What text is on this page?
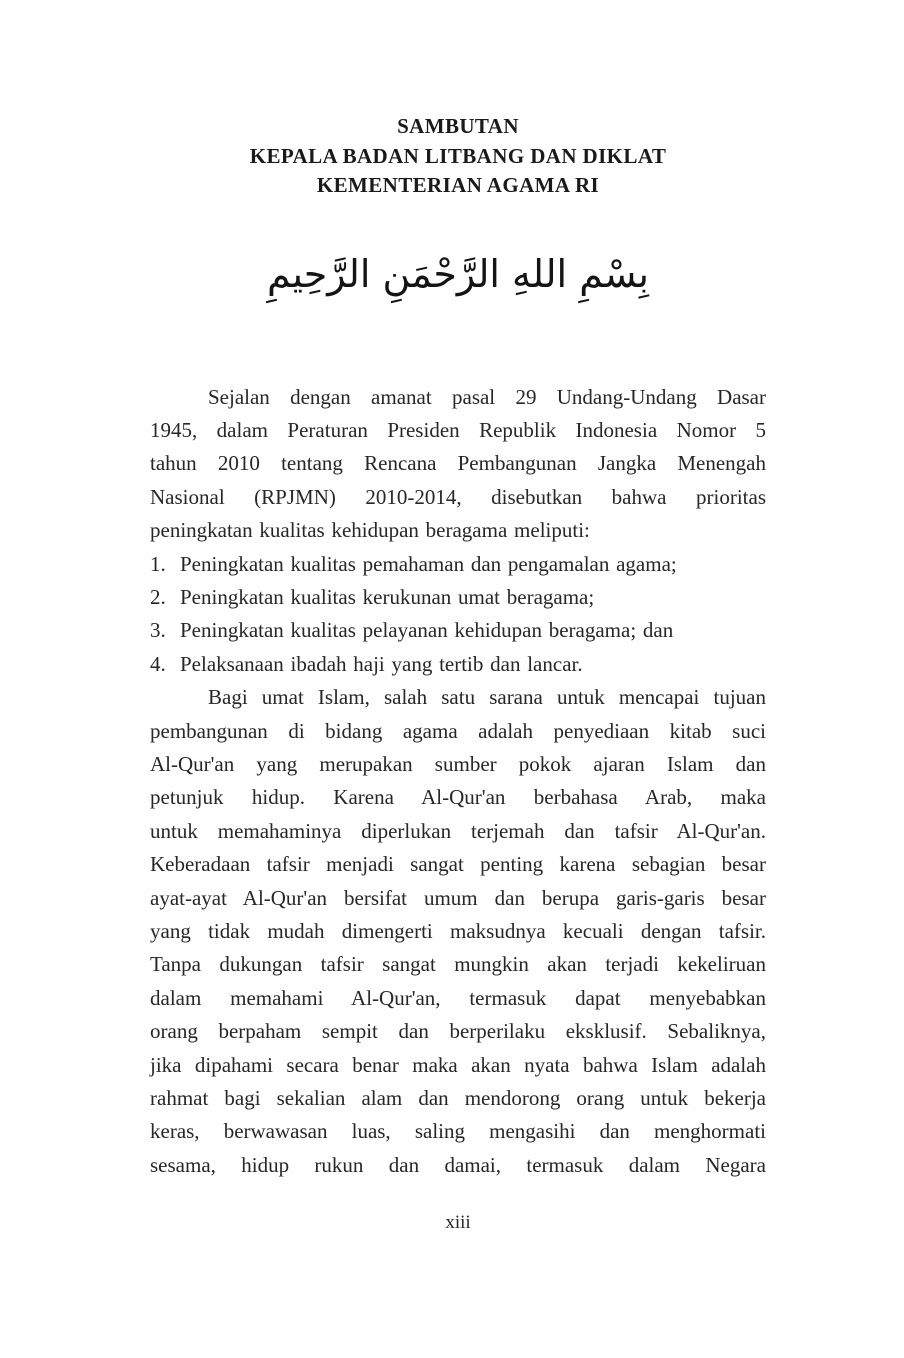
SAMBUTAN
KEPALA BADAN LITBANG DAN DIKLAT
KEMENTERIAN AGAMA RI
بِسْمِ اللهِ الرَّحْمَنِ الرَّحِيمِ
Sejalan dengan amanat pasal 29 Undang-Undang Dasar
1945, dalam Peraturan Presiden Republik Indonesia Nomor 5
tahun 2010 tentang Rencana Pembangunan Jangka Menengah
Nasional (RPJMN) 2010-2014, disebutkan bahwa prioritas
peningkatan kualitas kehidupan beragama meliputi:
1. Peningkatan kualitas pemahaman dan pengamalan agama;
2. Peningkatan kualitas kerukunan umat beragama;
3. Peningkatan kualitas pelayanan kehidupan beragama; dan
4. Pelaksanaan ibadah haji yang tertib dan lancar.
Bagi umat Islam, salah satu sarana untuk mencapai tujuan
pembangunan di bidang agama adalah penyediaan kitab suci
Al-Qur'an yang merupakan sumber pokok ajaran Islam dan
petunjuk hidup. Karena Al-Qur'an berbahasa Arab, maka
untuk memahaminya diperlukan terjemah dan tafsir Al-Qur'an.
Keberadaan tafsir menjadi sangat penting karena sebagian besar
ayat-ayat Al-Qur'an bersifat umum dan berupa garis-garis besar
yang tidak mudah dimengerti maksudnya kecuali dengan tafsir.
Tanpa dukungan tafsir sangat mungkin akan terjadi kekeliruan
dalam memahami Al-Qur'an, termasuk dapat menyebabkan
orang berpaham sempit dan berperilaku eksklusif. Sebaliknya,
jika dipahami secara benar maka akan nyata bahwa Islam adalah
rahmat bagi sekalian alam dan mendorong orang untuk bekerja
keras, berwawasan luas, saling mengasihi dan menghormati
sesama, hidup rukun dan damai, termasuk dalam Negara
xiii
